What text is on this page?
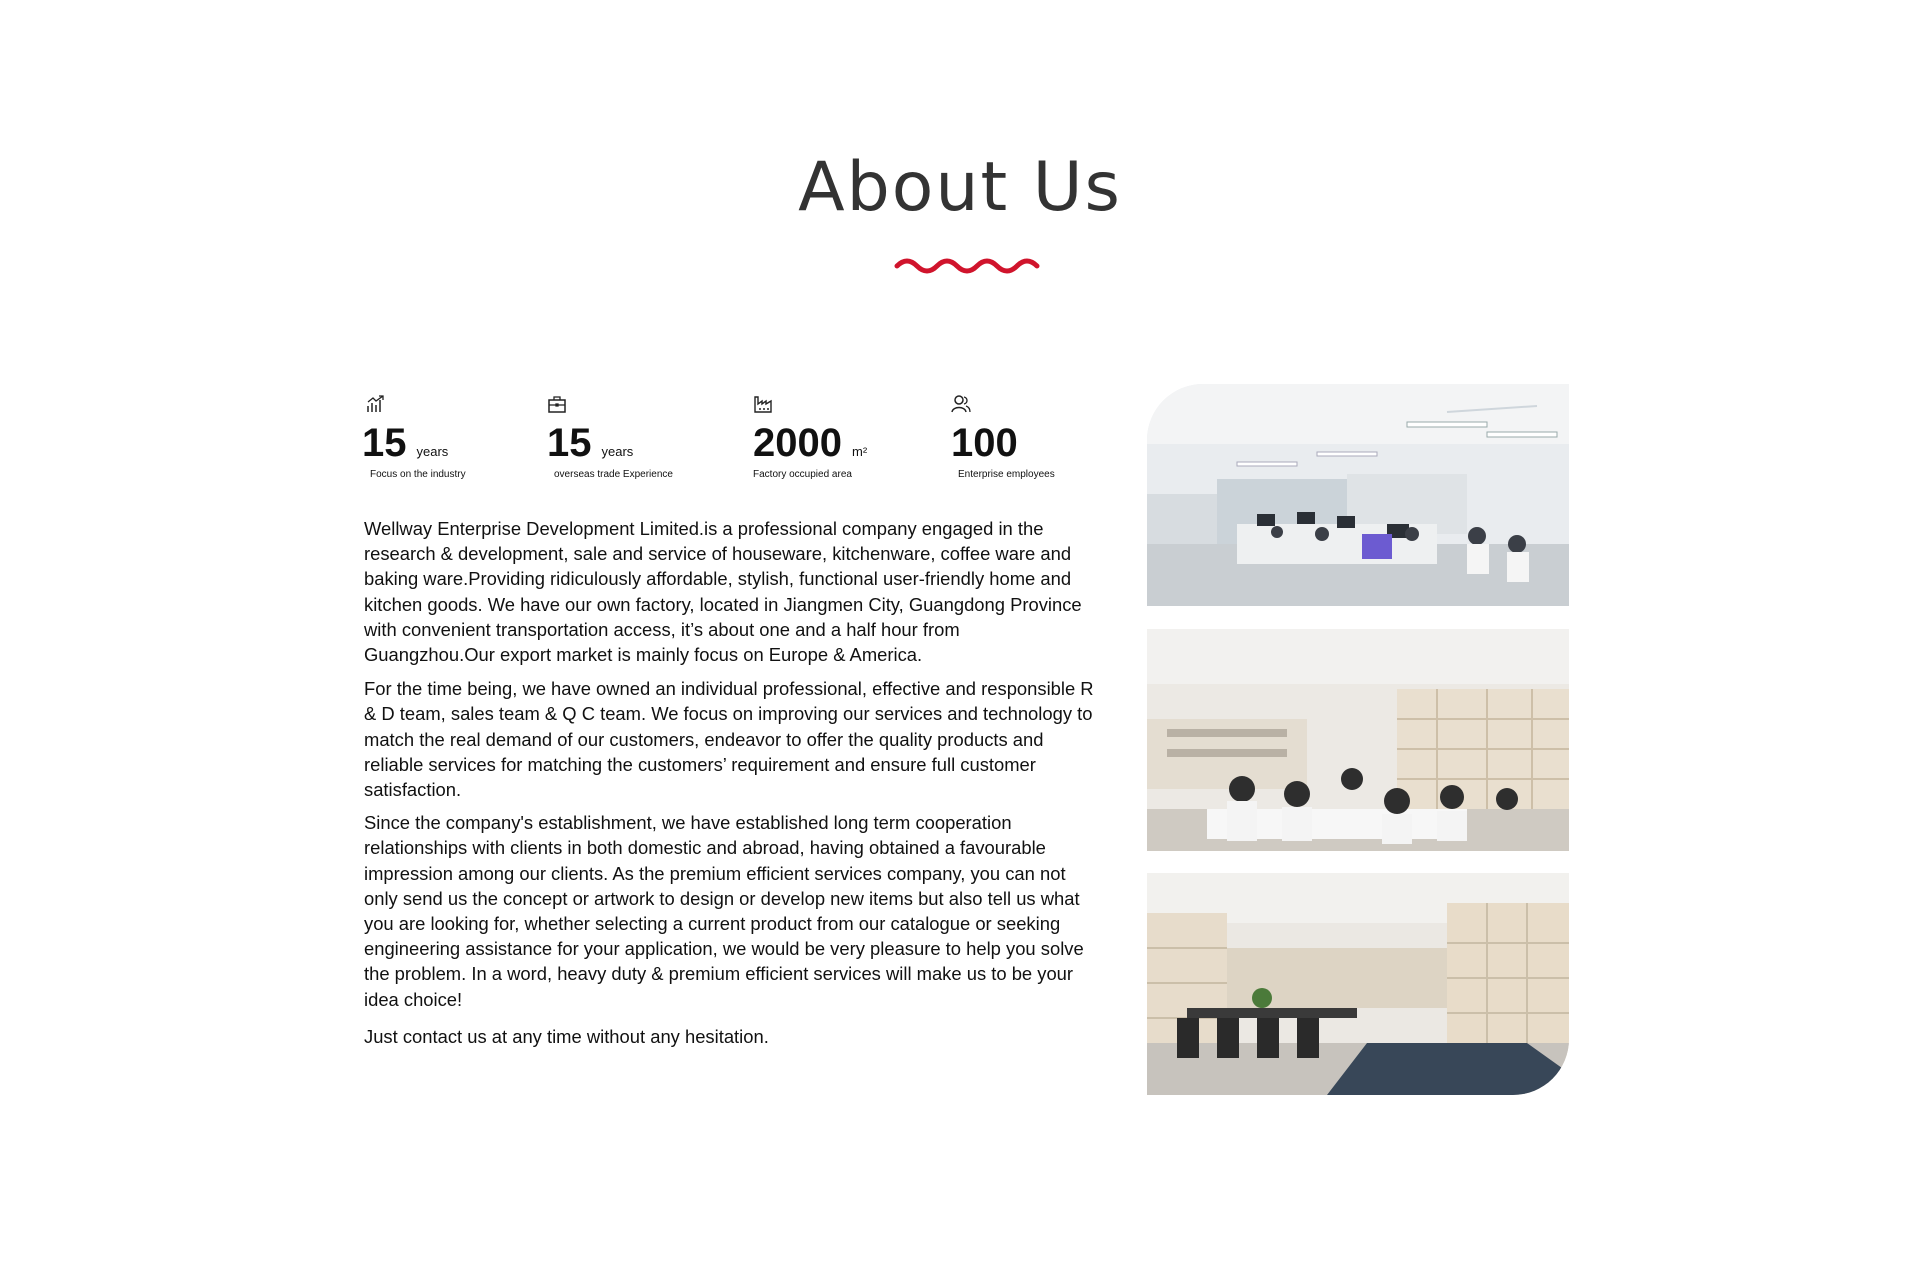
About Us
15 years
Focus on the industry
15 years
overseas trade Experience
2000 m²
Factory occupied area
100
Enterprise employees

Wellway Enterprise Development Limited.is a professional company engaged in the research & development, sale and service of houseware, kitchenware, coffee ware and baking ware.Providing ridiculously affordable, stylish, functional user-friendly home and kitchen goods. We have our own factory, located in Jiangmen City, Guangdong Province with convenient transportation access, it’s about one and a half hour from Guangzhou.Our export market is mainly focus on Europe & America.

For the time being, we have owned an individual professional, effective and responsible R & D team, sales team & Q C team. We focus on improving our services and technology to match the real demand of our customers, endeavor to offer the quality products and reliable services for matching the customers’ requirement and ensure full customer satisfaction.

Since the company's establishment, we have established long term cooperation relationships with clients in both domestic and abroad, having obtained a favourable impression among our clients. As the premium efficient services company, you can not only send us the concept or artwork to design or develop new items but also tell us what you are looking for, whether selecting a current product from our catalogue or seeking engineering assistance for your application, we would be very pleasure to help you solve the problem. In a word, heavy duty & premium efficient services will make us to be your idea choice!

Just contact us at any time without any hesitation.
